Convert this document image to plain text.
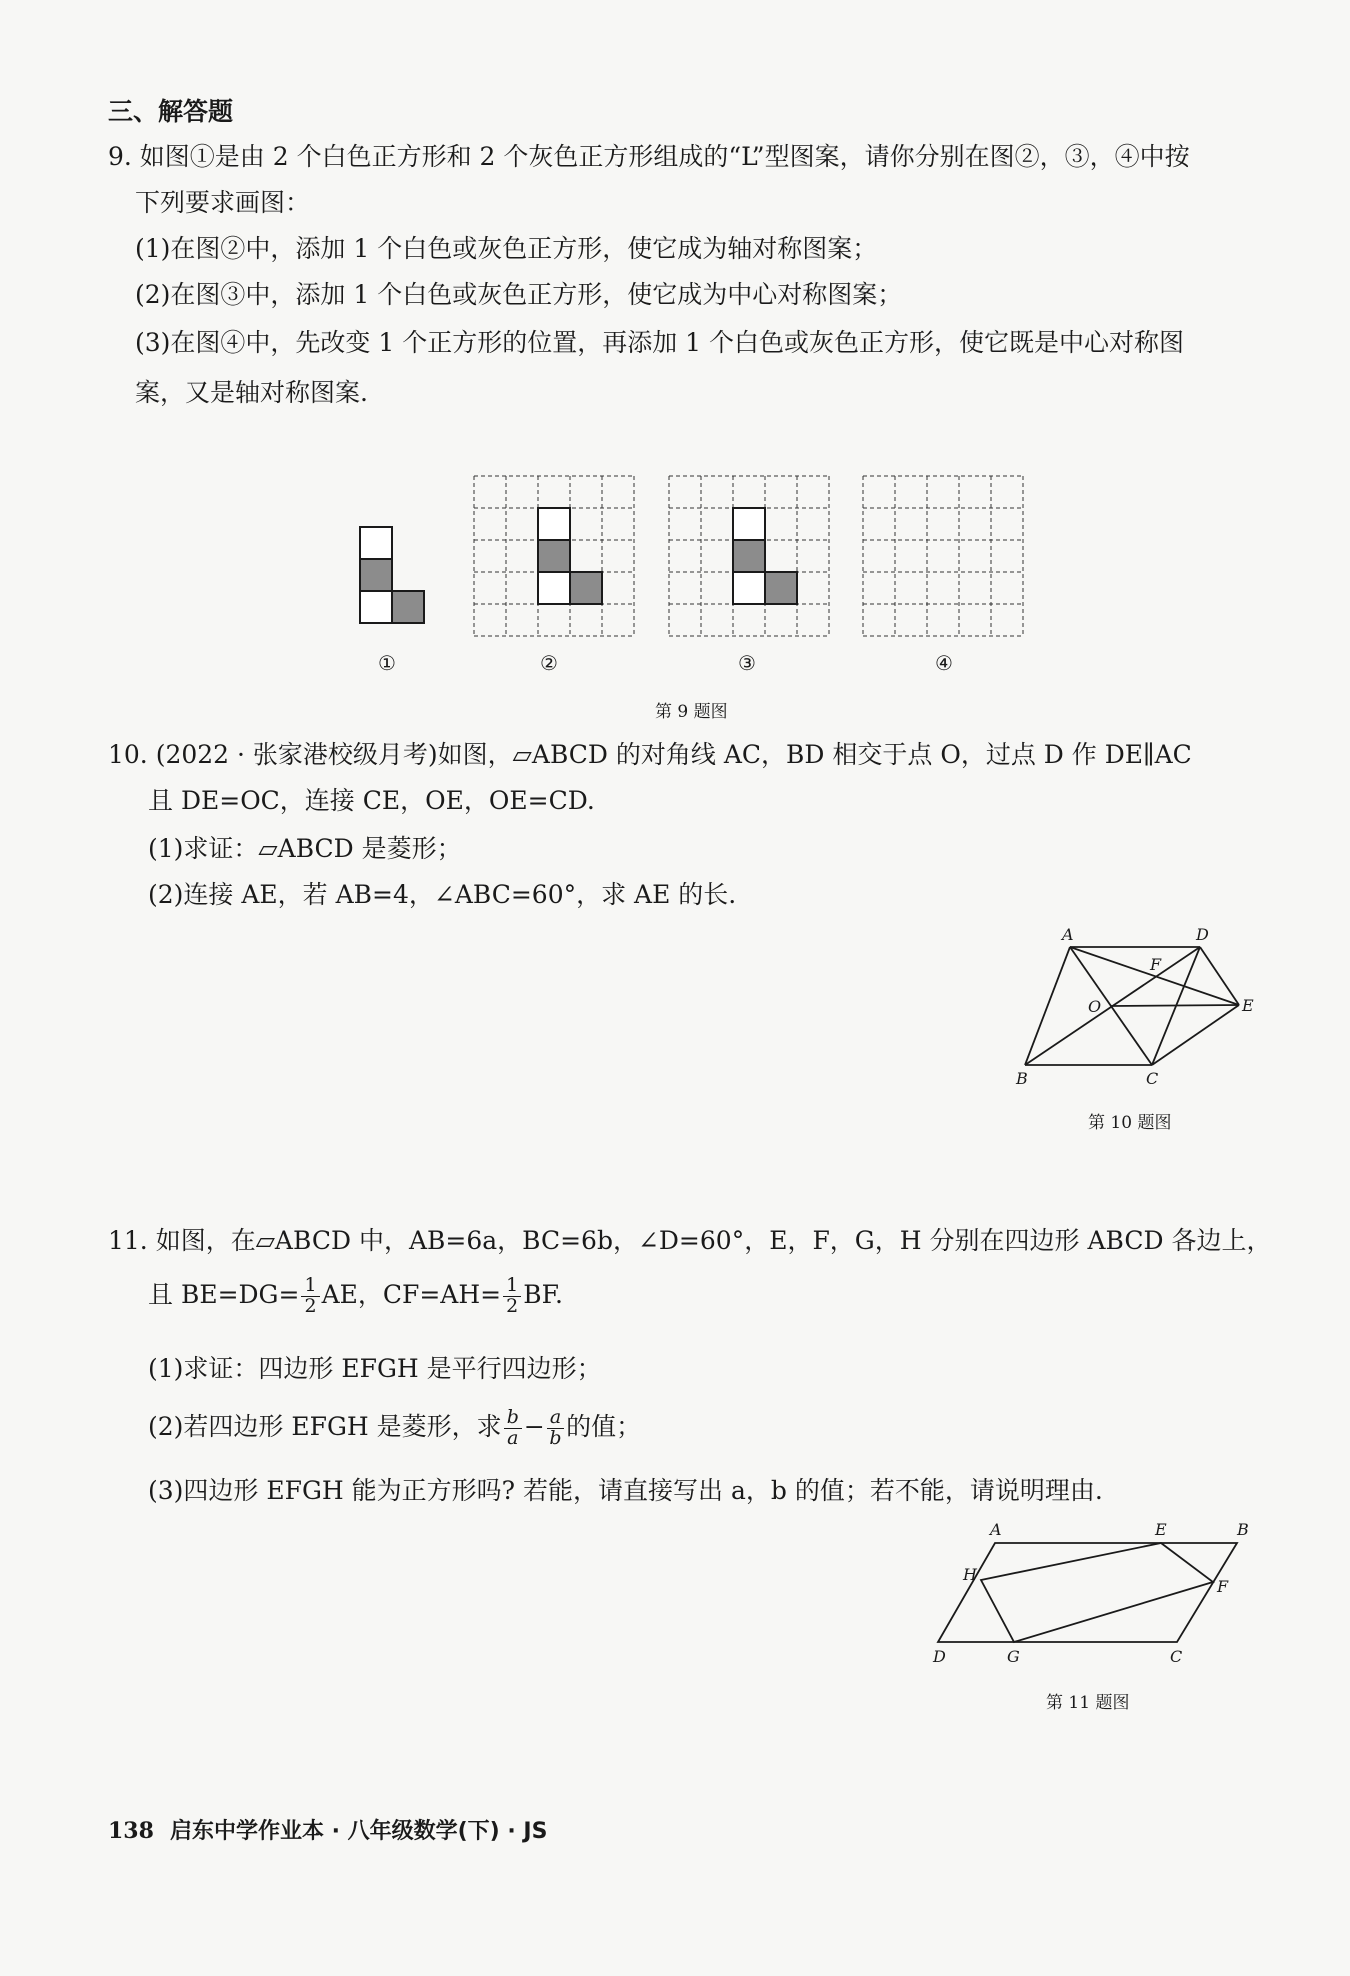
三、解答题
9. 如图①是由 2 个白色正方形和 2 个灰色正方形组成的“L”型图案，请你分别在图②，③，④中按
下列要求画图：
(1)在图②中，添加 1 个白色或灰色正方形，使它成为轴对称图案；
(2)在图③中，添加 1 个白色或灰色正方形，使它成为中心对称图案；
(3)在图④中，先改变 1 个正方形的位置，再添加 1 个白色或灰色正方形，使它既是中心对称图
案，又是轴对称图案.
①	②	③	④
第 9 题图
10. (2022 · 张家港校级月考)如图，▱ABCD 的对角线 AC，BD 相交于点 O，过点 D 作 DE∥AC
且 DE=OC，连接 CE，OE，OE=CD.
(1)求证：▱ABCD 是菱形；
(2)连接 AE，若 AB=4，∠ABC=60°，求 AE 的长.
A	D
F
O	E
B	C
第 10 题图
11. 如图，在▱ABCD 中，AB=6a，BC=6b，∠D=60°，E，F，G，H 分别在四边形 ABCD 各边上，
且 $BE=DG= \frac{1}{2}$ AE，$CF=AH= \frac{1}{2}$ BF.
(1)求证：四边形 EFGH 是平行四边形；
(2)若四边形 EFGH 是菱形，求 $\frac{b}{a} - \frac{a}{b}$ 的值；
(3)四边形 EFGH 能为正方形吗? 若能，请直接写出 a，b 的值；若不能，请说明理由.
A	E	B
H
F
D	G	C
第 11 题图
138 启东中学作业本 · 八年级数学(下) · JS
